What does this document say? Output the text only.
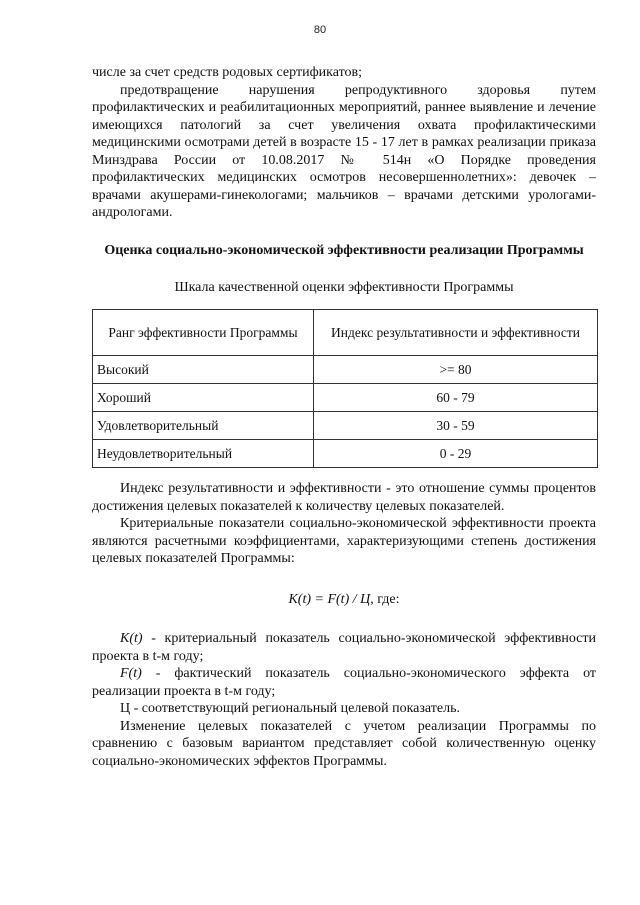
80

числе за счет средств родовых сертификатов;

предотвращение нарушения репродуктивного здоровья путем профилактических и реабилитационных мероприятий, раннее выявление и лечение имеющихся патологий за счет увеличения охвата профилактическими медицинскими осмотрами детей в возрасте 15 - 17 лет в рамках реализации приказа Минздрава России от 10.08.2017 № 514н «О Порядке проведения профилактических медицинских осмотров несовершеннолетних»: девочек – врачами акушерами-гинекологами; мальчиков – врачами детскими урологами-андрологами.

Оценка социально-экономической эффективности реализации Программы

Шкала качественной оценки эффективности Программы

Ранг эффективности Программы	Индекс результативности и эффективности
Высокий	>= 80
Хороший	60 - 79
Удовлетворительный	30 - 59
Неудовлетворительный	0 - 29

Индекс результативности и эффективности - это отношение суммы процентов достижения целевых показателей к количеству целевых показателей.

Критериальные показатели социально-экономической эффективности проекта являются расчетными коэффициентами, характеризующими степень достижения целевых показателей Программы:

K(t) = F(t) / Ц, где:

K(t) - критериальный показатель социально-экономической эффективности проекта в t-м году;

F(t) - фактический показатель социально-экономического эффекта от реализации проекта в t-м году;

Ц - соответствующий региональный целевой показатель.

Изменение целевых показателей с учетом реализации Программы по сравнению с базовым вариантом представляет собой количественную оценку социально-экономических эффектов Программы.
